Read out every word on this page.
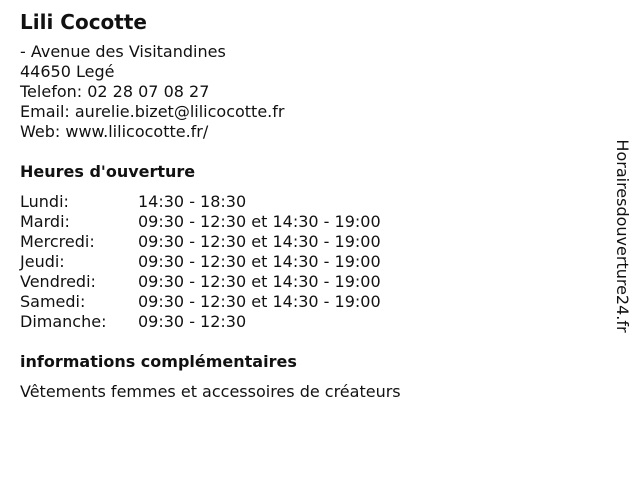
Lili Cocotte
- Avenue des Visitandines
44650 Legé
Telefon: 02 28 07 08 27
Email: aurelie.bizet@lilicocotte.fr
Web: www.lilicocotte.fr/
Heures d'ouverture
Lundi:	14:30 - 18:30
Mardi:	09:30 - 12:30 et 14:30 - 19:00
Mercredi:	09:30 - 12:30 et 14:30 - 19:00
Jeudi:	09:30 - 12:30 et 14:30 - 19:00
Vendredi:	09:30 - 12:30 et 14:30 - 19:00
Samedi:	09:30 - 12:30 et 14:30 - 19:00
Dimanche:	09:30 - 12:30
informations complémentaires
Vêtements femmes et accessoires de créateurs
Horairesdouverture24.fr
